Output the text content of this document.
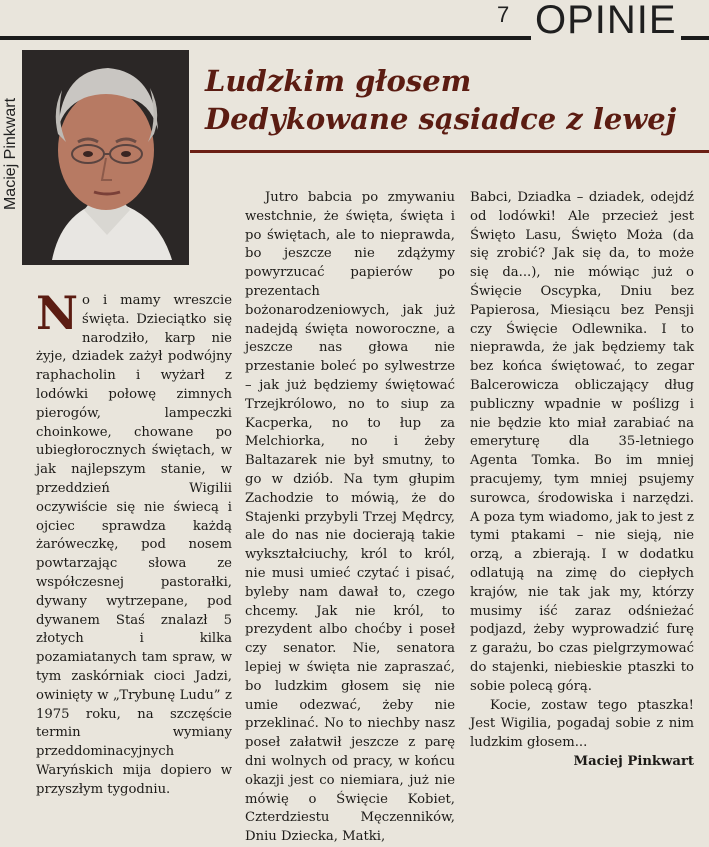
7 OPINIE
Maciej Pinkwart
Ludzkim głosem
Dedykowane sąsiadce z lewej

No i mamy wreszcie święta. Dzieciątko się narodziło, karp nie żyje, dziadek zażył podwójny raphacholin i wyżarł z lodówki połowę zimnych pierogów, lampeczki choinkowe, chowane po ubiegłorocznych świętach, w jak najlepszym stanie, w przeddzień Wigilii oczywiście się nie świecą i ojciec sprawdza każdą żaróweczkę, pod nosem powtarzając słowa ze współczesnej pastorałki, dywany wytrzepane, pod dywanem Staś znalazł 5 złotych i kilka pozamiatanych tam spraw, w tym zaskórniak cioci Jadzi, owinięty w „Trybunę Ludu” z 1975 roku, na szczęście termin wymiany przeddominacyjnych Waryńskich mija dopiero w przyszłym tygodniu.

Jutro babcia po zmywaniu westchnie, że święta, święta i po świętach, ale to nieprawda, bo jeszcze nie zdążymy powyrzucać papierów po prezentach bożonarodzeniowych, jak już nadejdą święta noworoczne, a jeszcze nas głowa nie przestanie boleć po sylwestrze – jak już będziemy świętować Trzejkrólowo, no to siup za Kacperka, no to łup za Melchiorka, no i żeby Baltazarek nie był smutny, to go w dziób. Na tym głupim Zachodzie to mówią, że do Stajenki przybyli Trzej Mędrcy, ale do nas nie docierają takie wykształciuchy, król to król, nie musi umieć czytać i pisać, byleby nam dawał to, czego chcemy. Jak nie król, to prezydent albo choćby i poseł czy senator. Nie, senatora lepiej w święta nie zapraszać, bo ludzkim głosem się nie umie odezwać, żeby nie przeklinać. No to niechby nasz poseł załatwił jeszcze z parę dni wolnych od pracy, w końcu okazji jest co niemiara, już nie mówię o Święcie Kobiet, Czterdziestu Męczenników, Dniu Dziecka, Matki,

Babci, Dziadka – dziadek, odejdź od lodówki! Ale przecież jest Święto Lasu, Święto Moża (da się zrobić? Jak się da, to może się da...), nie mówiąc już o Święcie Oscypka, Dniu bez Papierosa, Miesiącu bez Pensji czy Święcie Odlewnika. I to nieprawda, że jak będziemy tak bez końca świętować, to zegar Balcerowicza obliczający dług publiczny wpadnie w poślizg i nie będzie kto miał zarabiać na emeryturę dla 35-letniego Agenta Tomka. Bo im mniej pracujemy, tym mniej psujemy surowca, środowiska i narzędzi. A poza tym wiadomo, jak to jest z tymi ptakami – nie sieją, nie orzą, a zbierają. I w dodatku odlatują na zimę do ciepłych krajów, nie tak jak my, którzy musimy iść zaraz odśnieżać podjazd, żeby wyprowadzić furę z garażu, bo czas pielgrzymować do stajenki, niebieskie ptaszki to sobie polecą górą.

Kocie, zostaw tego ptaszka! Jest Wigilia, pogadaj sobie z nim ludzkim głosem...

Maciej Pinkwart
